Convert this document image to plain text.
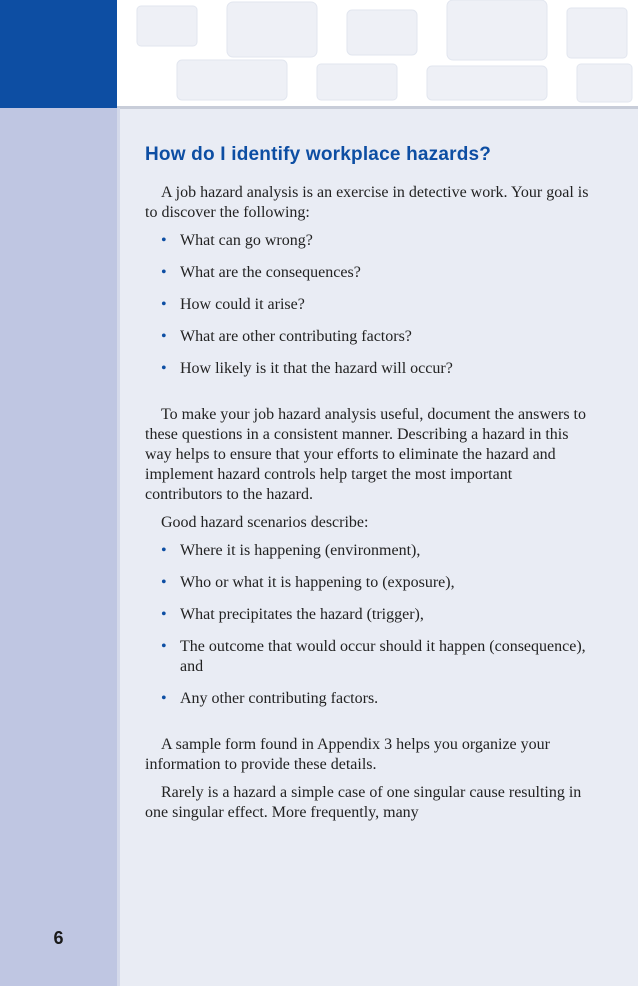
6
How do I identify workplace hazards?

A job hazard analysis is an exercise in detective work. Your goal is to discover the following:

• What can go wrong?
• What are the consequences?
• How could it arise?
• What are other contributing factors?
• How likely is it that the hazard will occur?

To make your job hazard analysis useful, document the answers to these questions in a consistent manner. Describing a hazard in this way helps to ensure that your efforts to eliminate the hazard and implement hazard controls help target the most important contributors to the hazard.

Good hazard scenarios describe:

• Where it is happening (environment),
• Who or what it is happening to (exposure),
• What precipitates the hazard (trigger),
• The outcome that would occur should it happen (consequence), and
• Any other contributing factors.

A sample form found in Appendix 3 helps you organize your information to provide these details.

Rarely is a hazard a simple case of one singular cause resulting in one singular effect. More frequently, many
